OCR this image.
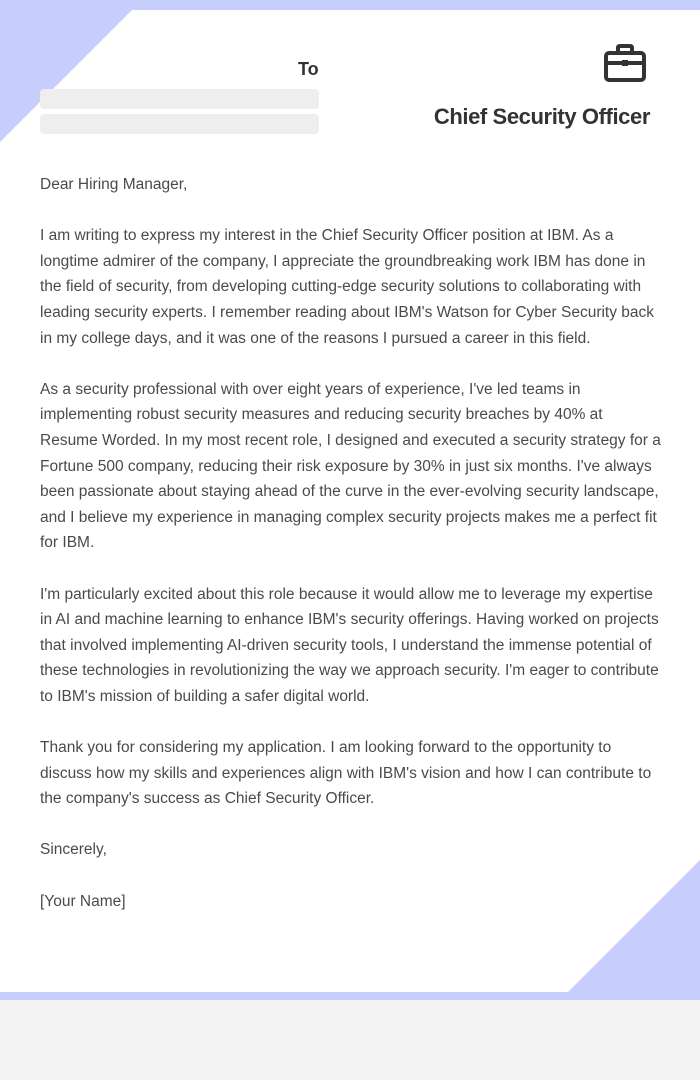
To
Chief Security Officer

Dear Hiring Manager,

I am writing to express my interest in the Chief Security Officer position at IBM. As a longtime admirer of the company, I appreciate the groundbreaking work IBM has done in the field of security, from developing cutting-edge security solutions to collaborating with leading security experts. I remember reading about IBM's Watson for Cyber Security back in my college days, and it was one of the reasons I pursued a career in this field.

As a security professional with over eight years of experience, I've led teams in implementing robust security measures and reducing security breaches by 40% at Resume Worded. In my most recent role, I designed and executed a security strategy for a Fortune 500 company, reducing their risk exposure by 30% in just six months. I've always been passionate about staying ahead of the curve in the ever-evolving security landscape, and I believe my experience in managing complex security projects makes me a perfect fit for IBM.

I'm particularly excited about this role because it would allow me to leverage my expertise in AI and machine learning to enhance IBM's security offerings. Having worked on projects that involved implementing AI-driven security tools, I understand the immense potential of these technologies in revolutionizing the way we approach security. I'm eager to contribute to IBM's mission of building a safer digital world.

Thank you for considering my application. I am looking forward to the opportunity to discuss how my skills and experiences align with IBM's vision and how I can contribute to the company's success as Chief Security Officer.

Sincerely,

[Your Name]
